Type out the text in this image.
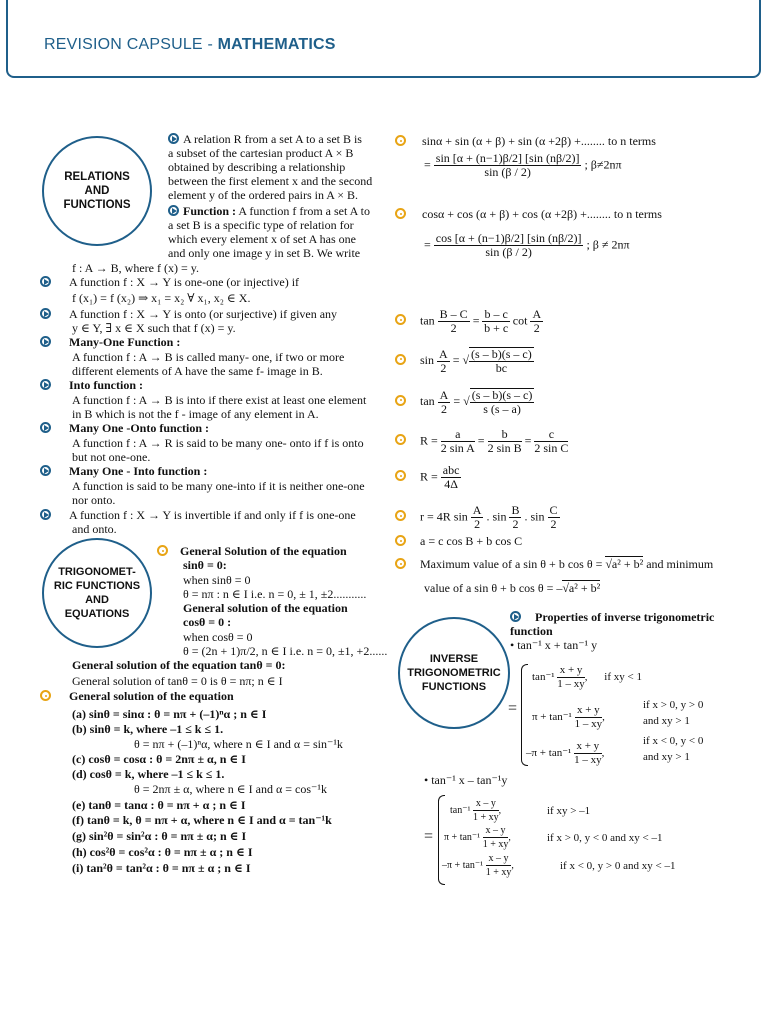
REVISION CAPSULE - MATHEMATICS
RELATIONS
AND
FUNCTIONS
TRIGONOMET-
RIC FUNCTIONS
AND
EQUATIONS
INVERSE
TRIGONOMETRIC
FUNCTIONS
A relation R from a set A to a set B is
a subset of the cartesian product A × B
obtained by describing a relationship
between the first element x and the second
element y of the ordered pairs in A × B.
Function : A function f from a set A to
a set B is a specific type of relation for
which every element x of set A has one
and only one image y in set B. We write
f : A → B, where f (x) = y.
A function f : X → Y is one-one (or injective) if
f (x₁) = f (x₂) ⇒ x₁ = x₂ ∀ x₁, x₂ ∈ X.
A function f : X → Y is onto (or surjective) if given any
y ∈ Y, ∃ x ∈ X such that f (x) = y.
Many-One Function :
A function f : A → B is called many- one, if two or more
different elements of A have the same f- image in B.
Into function :
A function f : A → B is into if there exist at least one element
in B which is not the f - image of any element in A.
Many One -Onto function :
A function f : A → R is said to be many one- onto if f is onto
but not one-one.
Many One - Into function :
A function is said to be many one-into if it is neither one-one
nor onto.
A function f : X → Y is invertible if and only if f is one-one
and onto.
General Solution of the equation
sinθ = 0:
when sinθ = 0
θ = nπ : n ∈ I i.e. n = 0, ± 1, ±2...........
General solution of the equation
cosθ = 0 :
when cosθ = 0
θ = (2n + 1)π/2, n ∈ I i.e. n = 0, ±1, +2......
General solution of the equation tanθ = 0:
General solution of tanθ = 0 is θ = nπ; n ∈ I
General solution of the equation
(a) sinθ = sinα : θ = nπ + (–1)ⁿα ; n ∈ I
(b) sinθ = k, where –1 ≤ k ≤ 1.
θ = nπ + (–1)ⁿα, where n ∈ I and α = sin⁻¹k
(c) cosθ = cosα : θ = 2nπ ± α, n ∈ I
(d) cosθ = k, where –1 ≤ k ≤ 1.
θ = 2nπ ± α, where n ∈ I and α = cos⁻¹k
(e) tanθ = tanα : θ = nπ + α ; n ∈ I
(f) tanθ = k, θ = nπ + α, where n ∈ I and α = tan⁻¹k
(g) sin²θ = sin²α : θ = nπ ± α; n ∈ I
(h) cos²θ = cos²α : θ = nπ ± α ; n ∈ I
(i) tan²θ = tan²α : θ = nπ ± α ; n ∈ I
sinα + sin (α + β) + sin (α +2β) +........ to n terms
= $\frac{\sin [\alpha + (n-1)\beta/2] [\sin (n\beta/2)]}{\sin (\beta / 2)}$ ; β≠2nπ
cosα + cos (α + β) + cos (α +2β) +........ to n terms
= $\frac{\cos [\alpha + (n-1)\beta/2] [\sin (n\beta/2)]}{\sin (\beta / 2)}$ ; β ≠ 2nπ
$\tan \frac{B - C}{2} = \frac{b - c}{b + c}$ $\cot \frac{A}{2}$
$\sin \frac{A}{2}$ = √ $\frac{(s - b)(s - c)}{bc}$
$\tan \frac{A}{2}$ = √ $\frac{(s - b)(s - c)}{s (s - a)}$
$R = \frac{a}{\text{2 sin A}} = \frac{b}{\text{2 sin B}} = \frac{c}{\text{2 sin C}}$
$R = \frac{\text{abc}}{4\Delta}$
r = 4R $\sin \frac{A}{2}$ . $\sin \frac{B}{2}$ . $\sin \frac{C}{2}$
a = c cos B + b cos C
Maximum value of a sin θ + b cos θ = √a² + b² and minimum
value of a sin θ + b cos θ = –√a² + b²
Properties of inverse trigonometric
function
• tan⁻¹ x + tan⁻¹ y
=
$\tan^{-1} \frac{x + y}{1 - xy}$ , if xy < 1
$\pi + \tan^{-1} \frac{x + y}{1 - xy}$ ,
if x > 0, y > 0
and xy > 1
$-\pi + \tan^{-1} \frac{x + y}{1 - xy}$ ,
if x < 0, y < 0
and xy > 1
• tan⁻¹ x – tan⁻¹y
=
$\tan^{-1} \frac{x - y}{1 + xy}$ ,	if xy > –1
$\pi + \tan^{-1} \frac{x - y}{1 + xy}$ ,	if x > 0, y < 0 and xy < –1
$-\pi + \tan^{-1} \frac{x - y}{1 + xy}$ ,	if x < 0, y > 0 and xy < –1
